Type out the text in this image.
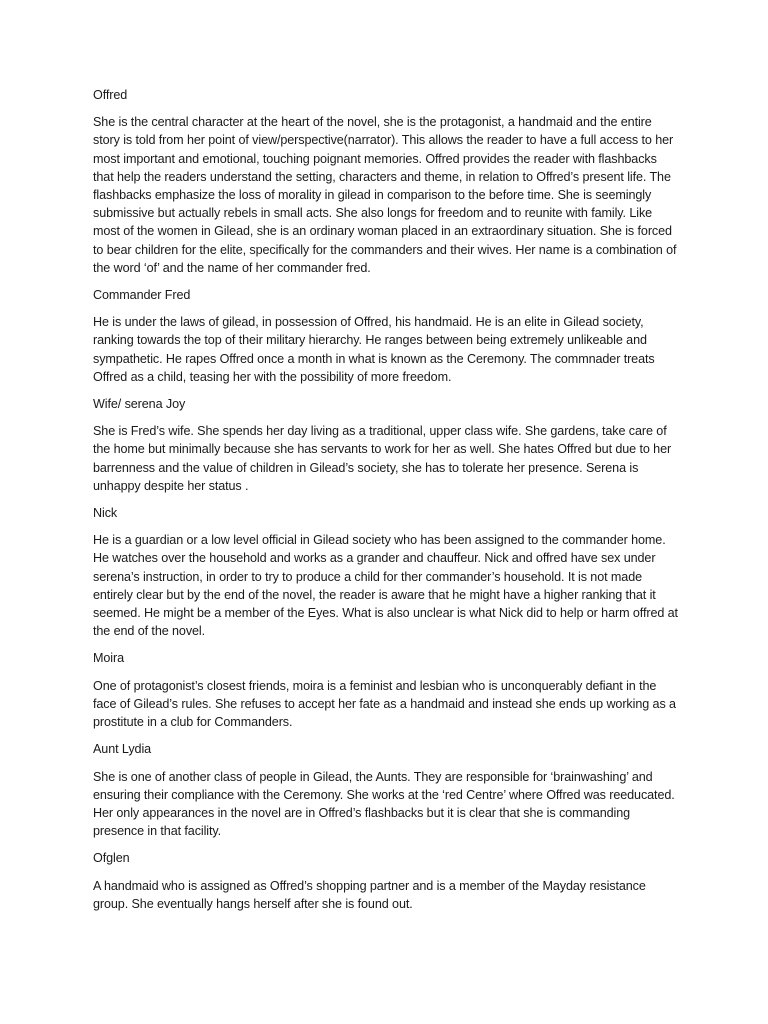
Offred

She is the central character at the heart of the novel, she is the protagonist, a handmaid and the entire story is told from her point of view/perspective(narrator). This allows the reader to have a full access to her most important and emotional, touching poignant memories. Offred provides the reader with flashbacks that help the readers understand the setting, characters and theme, in relation to Offred’s present life. The flashbacks emphasize the loss of morality in gilead in comparison to the before time. She is seemingly submissive but actually rebels in small acts. She also longs for freedom and to reunite with family. Like most of the women in Gilead, she is an ordinary woman placed in an extraordinary situation. She is forced to bear children for the elite, specifically for the commanders and their wives. Her name is a combination of the word ‘of’ and the name of her commander fred.

Commander Fred

He is under the laws of gilead, in possession of Offred, his handmaid. He is an elite in Gilead society, ranking towards the top of their military hierarchy. He ranges between being extremely unlikeable and sympathetic. He rapes Offred once a month in what is known as the Ceremony. The commnader treats Offred as a child, teasing her with the possibility of more freedom.

Wife/ serena Joy

She is Fred’s wife. She spends her day living as a traditional, upper class wife. She gardens, take care of the home but minimally because she has servants to work for her as well. She hates Offred but due to her barrenness and the value of children in Gilead’s society, she has to tolerate her presence. Serena is unhappy despite her status .

Nick

He is a guardian or a low level official in Gilead society who has been assigned to the commander home. He watches over the household and works as a grander and chauffeur. Nick and offred have sex under serena’s instruction, in order to try to produce a child for ther commander’s household. It is not made entirely clear but by the end of the novel, the reader is aware that he might have a higher ranking that it seemed. He might be a member of the Eyes. What is also unclear is what Nick did to help or harm offred at the end of the novel.

Moira

One of protagonist’s closest friends, moira is a feminist and lesbian who is unconquerably defiant in the face of Gilead’s rules. She refuses to accept her fate as a handmaid and instead she ends up working as a prostitute in a club for Commanders.

Aunt Lydia

She is one of another class of people in Gilead, the Aunts. They are responsible for ‘brainwashing’ and ensuring their compliance with the Ceremony. She works at the ‘red Centre’ where Offred was reeducated. Her only appearances in the novel are in Offred’s flashbacks but it is clear that she is commanding presence in that facility.

Ofglen

A handmaid who is assigned as Offred’s shopping partner and is a member of the Mayday resistance group. She eventually hangs herself after she is found out.
